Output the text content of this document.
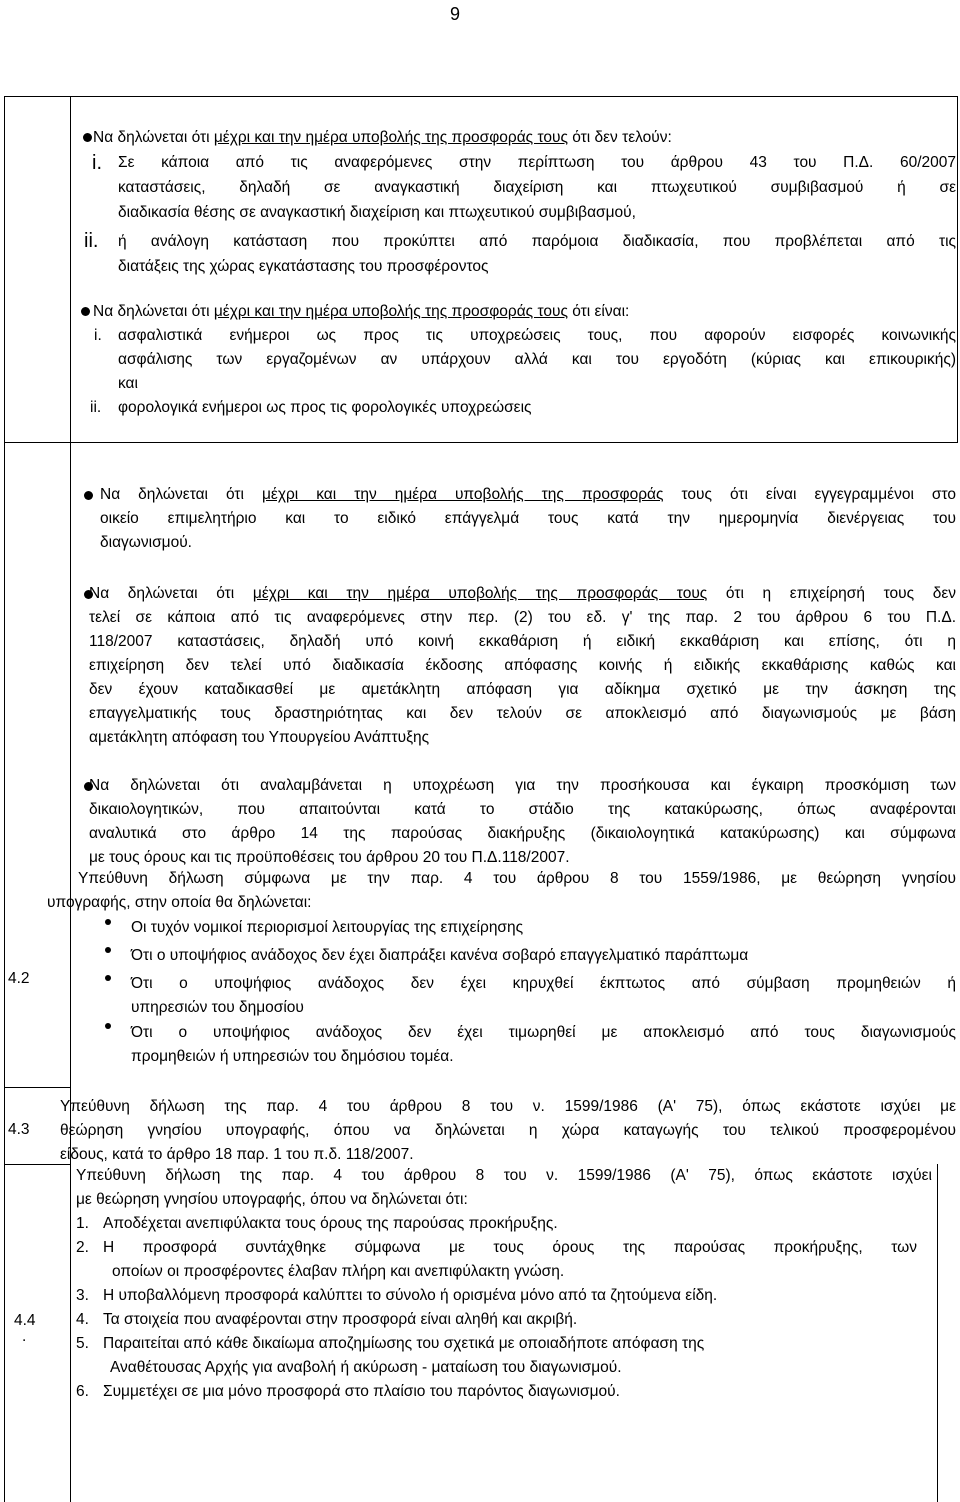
9
Να δηλώνεται ότι μέχρι και την ημέρα υποβολής της προσφοράς τους ότι δεν τελούν:
i. Σε κάποια από τις αναφερόμενες στην περίπτωση του άρθρου 43 του Π.Δ. 60/2007
καταστάσεις, δηλαδή σε αναγκαστική διαχείριση και πτωχευτικού συμβιβασμού ή σε
διαδικασία θέσης σε αναγκαστική διαχείριση και πτωχευτικού συμβιβασμού,
ii. ή ανάλογη κατάσταση που προκύπτει από παρόμοια διαδικασία, που προβλέπεται από τις
διατάξεις της χώρας εγκατάστασης του προσφέροντος
Να δηλώνεται ότι μέχρι και την ημέρα υποβολής της προσφοράς τους ότι είναι:
i. ασφαλιστικά ενήμεροι ως προς τις υποχρεώσεις τους, που αφορούν εισφορές κοινωνικής
ασφάλισης των εργαζομένων αν υπάρχουν αλλά και του εργοδότη (κύριας και επικουρικής)
και
ii. φορολογικά ενήμεροι ως προς τις φορολογικές υποχρεώσεις
Να δηλώνεται ότι μέχρι και την ημέρα υποβολής της προσφοράς τους ότι είναι εγγεγραμμένοι στο
οικείο επιμελητήριο και το ειδικό επάγγελμά τους κατά την ημερομηνία διενέργειας του
διαγωνισμού.
Να δηλώνεται ότι μέχρι και την ημέρα υποβολής της προσφοράς τους ότι η επιχείρησή τους δεν
τελεί σε κάποια από τις αναφερόμενες στην περ. (2) του εδ. γ' της παρ. 2 του άρθρου 6 του Π.Δ.
118/2007 καταστάσεις, δηλαδή υπό κοινή εκκαθάριση ή ειδική εκκαθάριση και επίσης, ότι η
επιχείρηση δεν τελεί υπό διαδικασία έκδοσης απόφασης κοινής ή ειδικής εκκαθάρισης καθώς και
δεν έχουν καταδικασθεί με αμετάκλητη απόφαση για αδίκημα σχετικό με την άσκηση της
επαγγελματικής τους δραστηριότητας και δεν τελούν σε αποκλεισμό από διαγωνισμούς με βάση
αμετάκλητη απόφαση του Υπουργείου Ανάπτυξης
Να δηλώνεται ότι αναλαμβάνεται η υποχρέωση για την προσήκουσα και έγκαιρη προσκόμιση των
δικαιολογητικών, που απαιτούνται κατά το στάδιο της κατακύρωσης, όπως αναφέρονται
αναλυτικά στο άρθρο 14 της παρούσας διακήρυξης (δικαιολογητικά κατακύρωσης) και σύμφωνα
με τους όρους και τις προϋποθέσεις του άρθρου 20 του Π.Δ.118/2007.
4.2
Υπεύθυνη δήλωση σύμφωνα με την παρ. 4 του άρθρου 8 του 1559/1986, με θεώρηση γνησίου
υπογραφής, στην οποία θα δηλώνεται:
Οι τυχόν νομικοί περιορισμοί λειτουργίας της επιχείρησης
Ότι ο υποψήφιος ανάδοχος δεν έχει διαπράξει κανένα σοβαρό επαγγελματικό παράπτωμα
Ότι ο υποψήφιος ανάδοχος δεν έχει κηρυχθεί έκπτωτος από σύμβαση προμηθειών ή
υπηρεσιών του δημοσίου
Ότι ο υποψήφιος ανάδοχος δεν έχει τιμωρηθεί με αποκλεισμό από τους διαγωνισμούς
προμηθειών ή υπηρεσιών του δημόσιου τομέα.
4.3
Υπεύθυνη δήλωση της παρ. 4 του άρθρου 8 του ν. 1599/1986 (Α' 75), όπως εκάστοτε ισχύει με
θεώρηση γνησίου υπογραφής, όπου να δηλώνεται η χώρα καταγωγής του τελικού προσφερομένου
είδους, κατά το άρθρο 18 παρ. 1 του π.δ. 118/2007.
4.4
.
Υπεύθυνη δήλωση της παρ. 4 του άρθρου 8 του ν. 1599/1986 (Α' 75), όπως εκάστοτε ισχύει
με θεώρηση γνησίου υπογραφής, όπου να δηλώνεται ότι:
1. Αποδέχεται ανεπιφύλακτα τους όρους της παρούσας προκήρυξης.
2. Η προσφορά συντάχθηκε σύμφωνα με τους όρους της παρούσας προκήρυξης, των
οποίων οι προσφέροντες έλαβαν πλήρη και ανεπιφύλακτη γνώση.
3. Η υποβαλλόμενη προσφορά καλύπτει το σύνολο ή ορισμένα μόνο από τα ζητούμενα είδη.
4. Τα στοιχεία που αναφέρονται στην προσφορά είναι αληθή και ακριβή.
5. Παραιτείται από κάθε δικαίωμα αποζημίωσης του σχετικά με οποιαδήποτε απόφαση της
Αναθέτουσας Αρχής για αναβολή ή ακύρωση - ματαίωση του διαγωνισμού.
6. Συμμετέχει σε μια μόνο προσφορά στο πλαίσιο του παρόντος διαγωνισμού.
